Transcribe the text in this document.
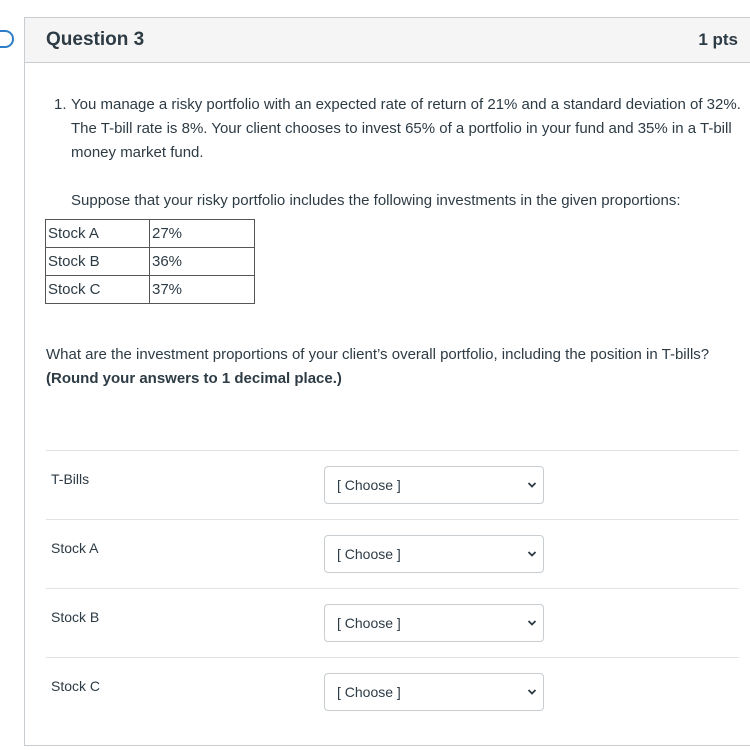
Question 3	1 pts
1. You manage a risky portfolio with an expected rate of return of 21% and a standard deviation of 32%. The T-bill rate is 8%. Your client chooses to invest 65% of a portfolio in your fund and 35% in a T-bill money market fund.
Suppose that your risky portfolio includes the following investments in the given proportions:
Stock A	27%
Stock B	36%
Stock C	37%
What are the investment proportions of your client’s overall portfolio, including the position in T-bills? (Round your answers to 1 decimal place.)
T-Bills	[ Choose ]
Stock A	[ Choose ]
Stock B	[ Choose ]
Stock C	[ Choose ]
